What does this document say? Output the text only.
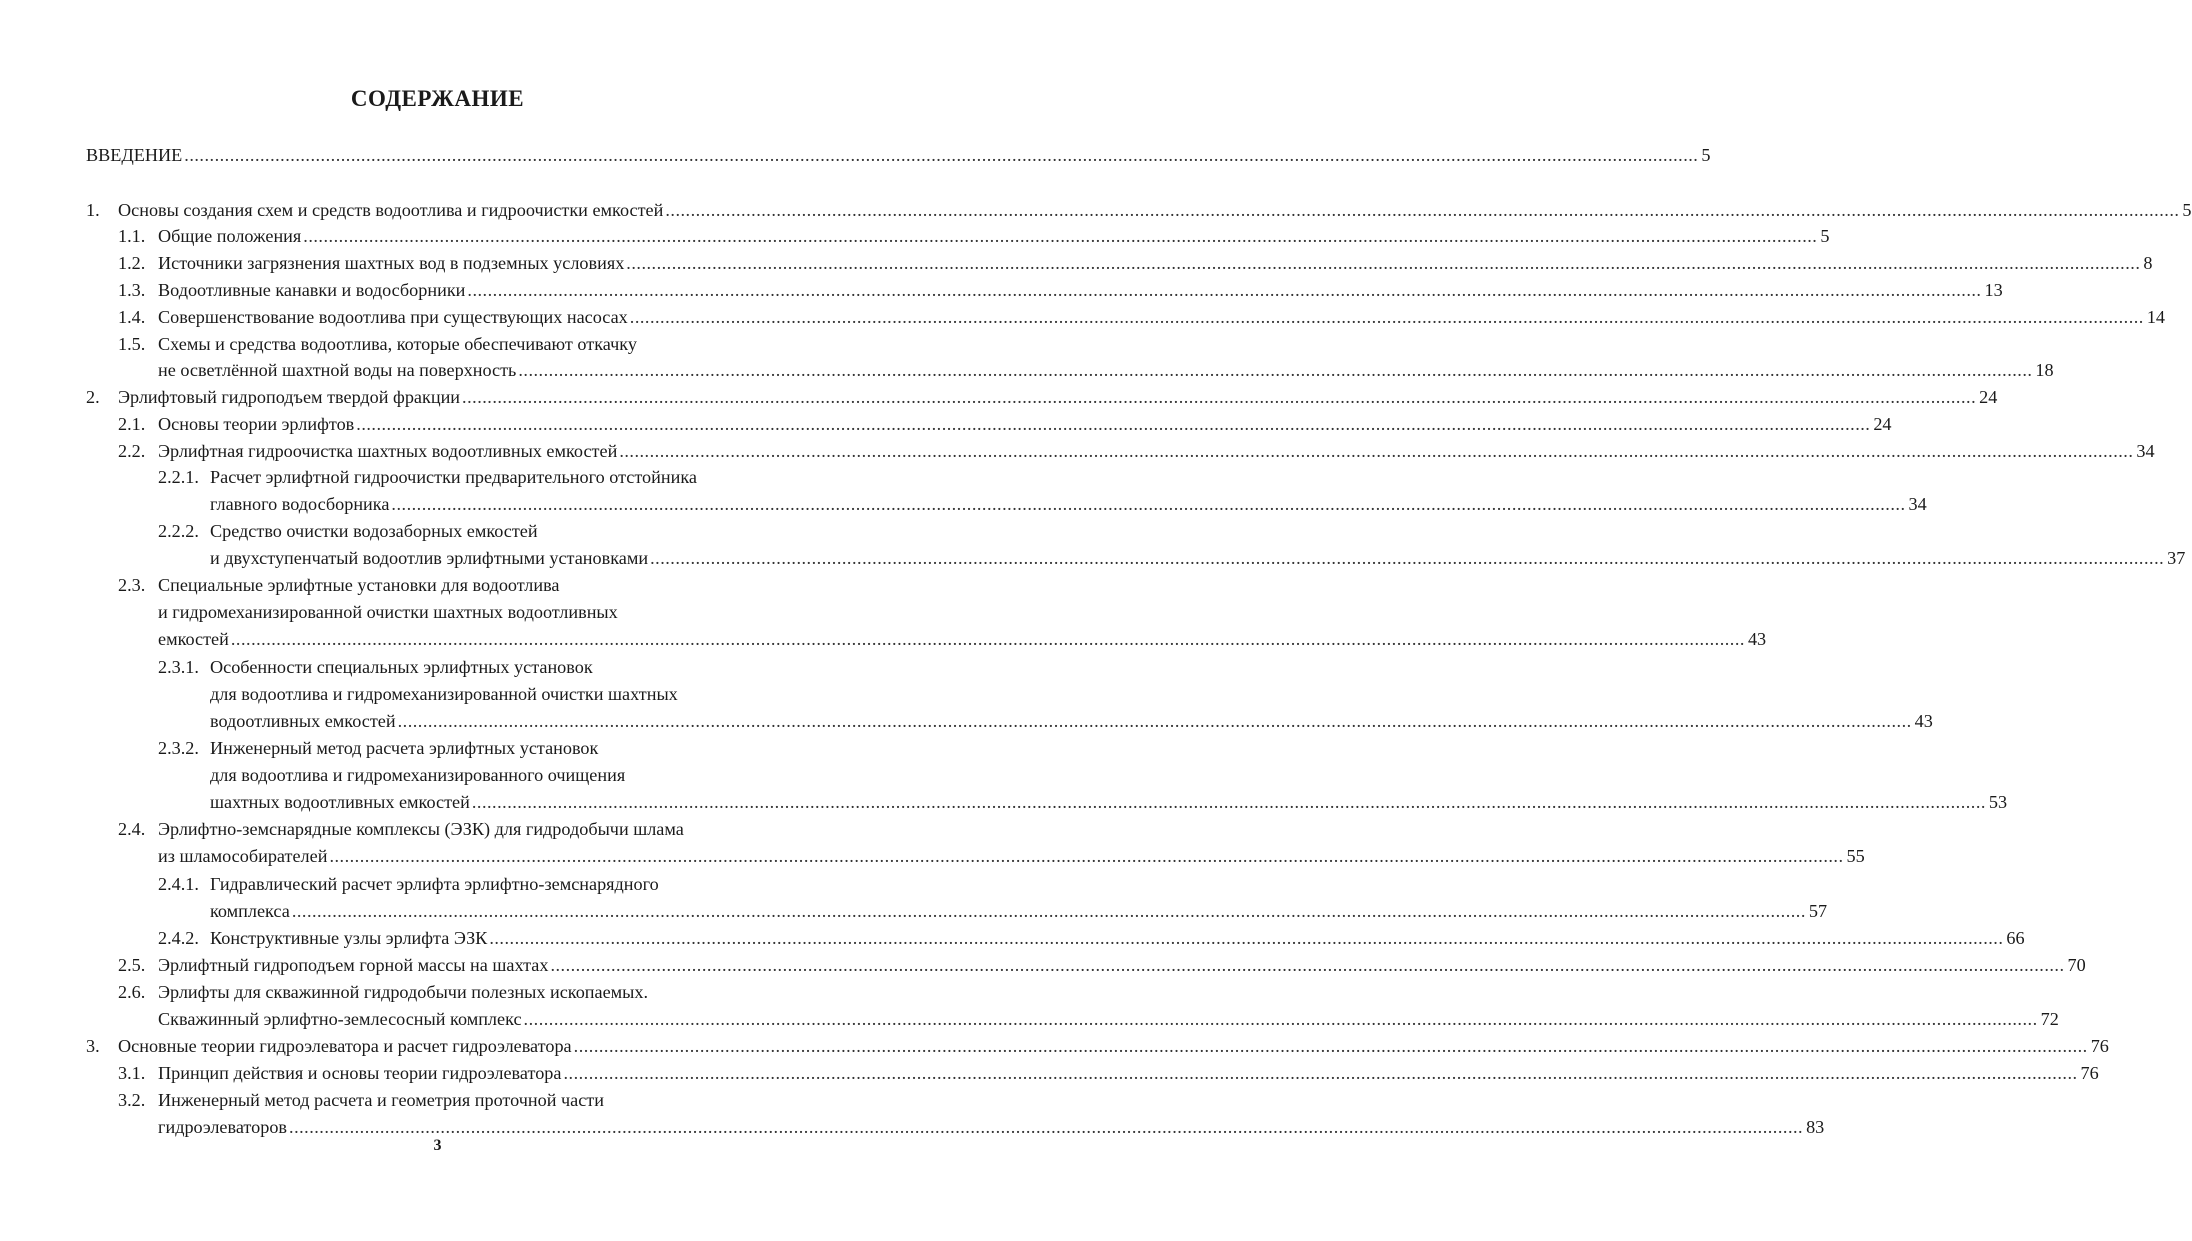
СОДЕРЖАНИЕ
ВВЕДЕНИЕ ............................................................................................................................................................................................................................................................................................................ 5
1.	Основы создания схем и средств водоотлива и гидроочистки емкостей ............................................................................................................................................................................................................................................................................................................ 5
1.1. Общие положения ............................................................................................................................................................................................................................................................................................................ 5
1.2. Источники загрязнения шахтных вод в подземных условиях ............................................................................................................................................................................................................................................................................................................ 8
1.3. Водоотливные канавки и водосборники ............................................................................................................................................................................................................................................................................................................ 13
1.4. Совершенствование водоотлива при существующих насосах ............................................................................................................................................................................................................................................................................................................ 14
1.5. Схемы и средства водоотлива, которые обеспечивают откачку
не осветлённой шахтной воды на поверхность ............................................................................................................................................................................................................................................................................................................ 18
2.	Эрлифтовый гидроподъем твердой фракции ............................................................................................................................................................................................................................................................................................................ 24
2.1. Основы теории эрлифтов ............................................................................................................................................................................................................................................................................................................ 24
2.2. Эрлифтная гидроочистка шахтных водоотливных емкостей ............................................................................................................................................................................................................................................................................................................ 34
2.2.1. Расчет эрлифтной гидроочистки предварительного отстойника
главного водосборника ............................................................................................................................................................................................................................................................................................................ 34
2.2.2. Средство очистки водозаборных емкостей
и двухступенчатый водоотлив эрлифтными установками ............................................................................................................................................................................................................................................................................................................ 37
2.3. Специальные эрлифтные установки для водоотлива
и гидромеханизированной очистки шахтных водоотливных
емкостей ............................................................................................................................................................................................................................................................................................................ 43
2.3.1. Особенности специальных эрлифтных установок
для водоотлива и гидромеханизированной очистки шахтных
водоотливных емкостей ............................................................................................................................................................................................................................................................................................................ 43
2.3.2. Инженерный метод расчета эрлифтных установок
для водоотлива и гидромеханизированного очищения
шахтных водоотливных емкостей ............................................................................................................................................................................................................................................................................................................ 53
2.4. Эрлифтно-земснарядные комплексы (ЭЗК) для гидродобычи шлама
из шламособирателей ............................................................................................................................................................................................................................................................................................................ 55
2.4.1. Гидравлический расчет эрлифта эрлифтно-земснарядного
комплекса ............................................................................................................................................................................................................................................................................................................ 57
2.4.2. Конструктивные узлы эрлифта ЭЗК ............................................................................................................................................................................................................................................................................................................ 66
2.5. Эрлифтный гидроподъем горной массы на шахтах ............................................................................................................................................................................................................................................................................................................ 70
2.6. Эрлифты для скважинной гидродобычи полезных ископаемых.
Скважинный эрлифтно-землесосный комплекс ............................................................................................................................................................................................................................................................................................................ 72
3.	Основные теории гидроэлеватора и расчет гидроэлеватора ............................................................................................................................................................................................................................................................................................................ 76
3.1. Принцип действия и основы теории гидроэлеватора ............................................................................................................................................................................................................................................................................................................ 76
3.2. Инженерный метод расчета и геометрия проточной части
гидроэлеваторов ............................................................................................................................................................................................................................................................................................................ 83
3
